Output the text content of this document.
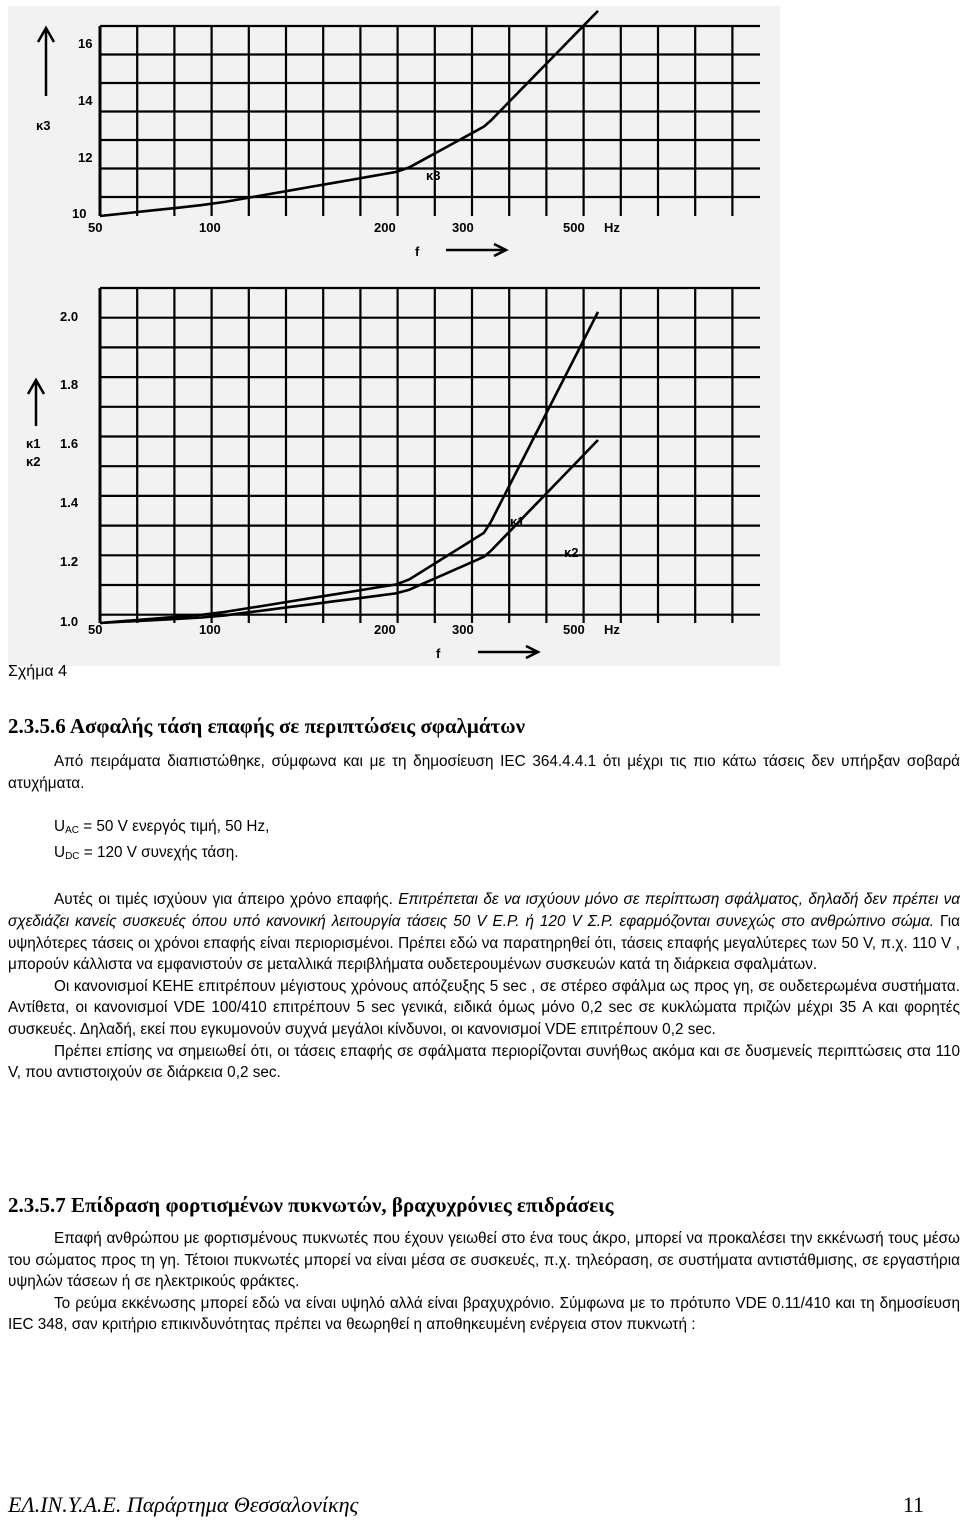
κ3
10
12
14
16
50	100	200	300	500 Hz
f
κ3
κ1
κ2
1.0
1.2
1.4
1.6
1.8
2.0
50	100	200	300	500 Hz
f
κ1
κ2
Σχήμα 4
2.3.5.6 Ασφαλής τάση επαφής σε περιπτώσεις σφαλμάτων

Από πειράματα διαπιστώθηκε, σύμφωνα και με τη δημοσίευση IEC 364.4.4.1 ότι μέχρι τις πιο κάτω τάσεις δεν υπήρξαν σοβαρά ατυχήματα.

$U_{AC} = 50$ V ενεργός τιμή, 50 Hz,

$U_{DC} = 120$ V συνεχής τάση.

Αυτές οι τιμές ισχύουν για άπειρο χρόνο επαφής. Επιτρέπεται δε να ισχύουν μόνο σε περίπτωση σφάλματος, δηλαδή δεν πρέπει να σχεδιάζει κανείς συσκευές όπου υπό κανονική λειτουργία τάσεις 50 V Ε.Ρ. ή 120 V Σ.Ρ. εφαρμόζονται συνεχώς στο ανθρώπινο σώμα. Για υψηλότερες τάσεις οι χρόνοι επαφής είναι περιορισμένοι. Πρέπει εδώ να παρατηρηθεί ότι, τάσεις επαφής μεγαλύτερες των 50 V, π.χ. 110 V , μπορούν κάλλιστα να εμφανιστούν σε μεταλλικά περιβλήματα ουδετερουμένων συσκευών κατά τη διάρκεια σφαλμάτων.

Οι κανονισμοί ΚΕΗΕ επιτρέπουν μέγιστους χρόνους απόζευξης 5 sec , σε στέρεο σφάλμα ως προς γη, σε ουδετερωμένα συστήματα. Αντίθετα, οι κανονισμοί VDE 100/410 επιτρέπουν 5 sec γενικά, ειδικά όμως μόνο 0,2 sec σε κυκλώματα πριζών μέχρι 35 A και φορητές συσκευές. Δηλαδή, εκεί που εγκυμονούν συχνά μεγάλοι κίνδυνοι, οι κανονισμοί VDE επιτρέπουν 0,2 sec.

Πρέπει επίσης να σημειωθεί ότι, οι τάσεις επαφής σε σφάλματα περιορίζονται συνήθως ακόμα και σε δυσμενείς περιπτώσεις στα 110 V, που αντιστοιχούν σε διάρκεια 0,2 sec.

2.3.5.7 Επίδραση φορτισμένων πυκνωτών, βραχυχρόνιες επιδράσεις

Επαφή ανθρώπου με φορτισμένους πυκνωτές που έχουν γειωθεί στο ένα τους άκρο, μπορεί να προκαλέσει την εκκένωσή τους μέσω του σώματος προς τη γη. Τέτοιοι πυκνωτές μπορεί να είναι μέσα σε συσκευές, π.χ. τηλεόραση, σε συστήματα αντιστάθμισης, σε εργαστήρια υψηλών τάσεων ή σε ηλεκτρικούς φράκτες.

Το ρεύμα εκκένωσης μπορεί εδώ να είναι υψηλό αλλά είναι βραχυχρόνιο. Σύμφωνα με το πρότυπο VDE 0.11/410 και τη δημοσίευση IEC 348, σαν κριτήριο επικινδυνότητας πρέπει να θεωρηθεί η αποθηκευμένη ενέργεια στον πυκνωτή :

ΕΛ.ΙΝ.Υ.Α.Ε. Παράρτημα Θεσσαλονίκης	11
